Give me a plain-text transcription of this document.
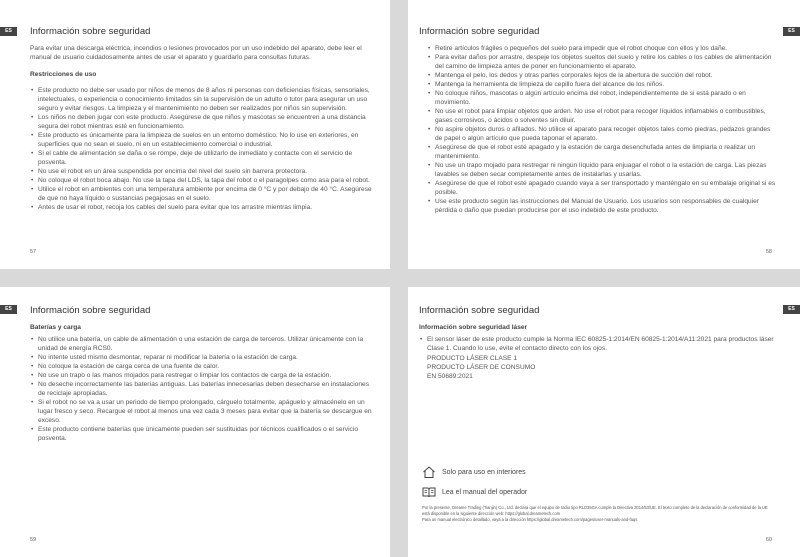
ES	Información sobre seguridad

Para evitar una descarga eléctrica, incendios o lesiones provocados por un uso indebido del aparato, debe leer el manual de usuario cuidadosamente antes de usar el aparato y guardarlo para consultas futuras.

Restricciones de uso
• Este producto no debe ser usado por niños de menos de 8 años ni personas con deficiencias físicas, sensoriales, intelectuales, o experiencia o conocimiento limitados sin la supervisión de un adulto o tutor para asegurar un uso seguro y evitar riesgos. La limpieza y el mantenimiento no deben ser realizados por niños sin supervisión.
• Los niños no deben jugar con este producto. Asegúrese de que niños y mascotas se encuentren a una distancia segura del robot mientras esté en funcionamiento.
• Este producto es únicamente para la limpieza de suelos en un entorno doméstico. No lo use en exteriores, en superficies que no sean el suelo, ni en un establecimiento comercial o industrial.
• Si el cable de alimentación se daña o se rompe, deje de utilizarlo de inmediato y contacte con el servicio de posventa.
• No use el robot en un área suspendida por encima del nivel del suelo sin barrera protectora.
• No coloque el robot boca abajo. No use la tapa del LDS, la tapa del robot o el paragolpes como asa para el robot.
• Utilice el robot en ambientes con una temperatura ambiente por encima de 0 °C y por debajo de 40 °C. Asegúrese de que no haya líquido o sustancias pegajosas en el suelo.
• Antes de usar el robot, recoja los cables del suelo para evitar que los arrastre mientras limpia.
57
ES
Información sobre seguridad
• Retire artículos frágiles o pequeños del suelo para impedir que el robot choque con ellos y los dañe.
• Para evitar daños por arrastre, despeje los objetos sueltos del suelo y retire los cables o los cables de alimentación del camino de limpieza antes de poner en funcionamiento el aparato.
• Mantenga el pelo, los dedos y otras partes corporales lejos de la abertura de succión del robot.
• Mantenga la herramienta de limpieza de cepillo fuera del alcance de los niños.
• No coloque niños, mascotas o algún artículo encima del robot, independientemente de si está parado o en movimiento.
• No use el robot para limpiar objetos que arden. No use el robot para recoger líquidos inflamables o combustibles, gases corrosivos, o ácidos o solventes sin diluir.
• No aspire objetos duros o afilados. No utilice el aparato para recoger objetos tales como piedras, pedazos grandes de papel o algún artículo que pueda taponar el aparato.
• Asegúrese de que el robot esté apagado y la estación de carga desenchufada antes de limpiarla o realizar un mantenimiento.
• No use un trapo mojado para restregar ni ningún líquido para enjuagar el robot o la estación de carga. Las piezas lavables se deben secar completamente antes de instalarlas y usarlas.
• Asegúrese de que el robot esté apagado cuando vaya a ser transportado y manténgalo en su embalaje original si es posible.
• Use este producto según las instrucciones del Manual de Usuario. Los usuarios son responsables de cualquier pérdida o daño que puedan producirse por el uso indebido de este producto.
58
ES	Información sobre seguridad
Baterías y carga
• No utilice una batería, un cable de alimentación o una estación de carga de terceros. Utilizar únicamente con la unidad de energía RCS0.
• No intente usted mismo desmontar, reparar ni modificar la batería o la estación de carga.
• No coloque la estación de carga cerca de una fuente de calor.
• No use un trapo o las manos mojados para restregar o limpiar los contactos de carga de la estación.
• No deseche incorrectamente las baterías antiguas. Las baterías innecesarias deben desecharse en instalaciones de reciclaje apropiadas.
• Si el robot no se va a usar un periodo de tiempo prolongado, cárguelo totalmente, apáguelo y almacénelo en un lugar fresco y seco. Recargue el robot al menos una vez cada 3 meses para evitar que la batería se descargue en exceso.
• Este producto contiene baterías que únicamente pueden ser sustituidas por técnicos cualificados o el servicio posventa.
59
ES
Información sobre seguridad
Información sobre seguridad láser
• El sensor láser de este producto cumple la Norma IEC 60825-1:2014/EN 60825-1:2014/A11:2021 para productos láser Clase 1. Cuando lo use, evite el contacto directo con los ojos.
PRODUCTO LÁSER CLASE 1
PRODUCTO LÁSER DE CONSUMO
EN 50689:2021
60
Solo para uso en interiores
Lea el manual del operador
Por la presente, Dreame Trading (Tianjin) Co., Ltd. declara que el equipo de radio tipo RLD35GA cumple la Directiva 2014/53/UE. El texto completo de la declaración de conformidad de la UE está disponible en la siguiente dirección web: https://global.dreametech.com
Para un manual electrónico detallado, vaya a la dirección https://global.dreametech.com/pages/user-manuals-and-faqs
